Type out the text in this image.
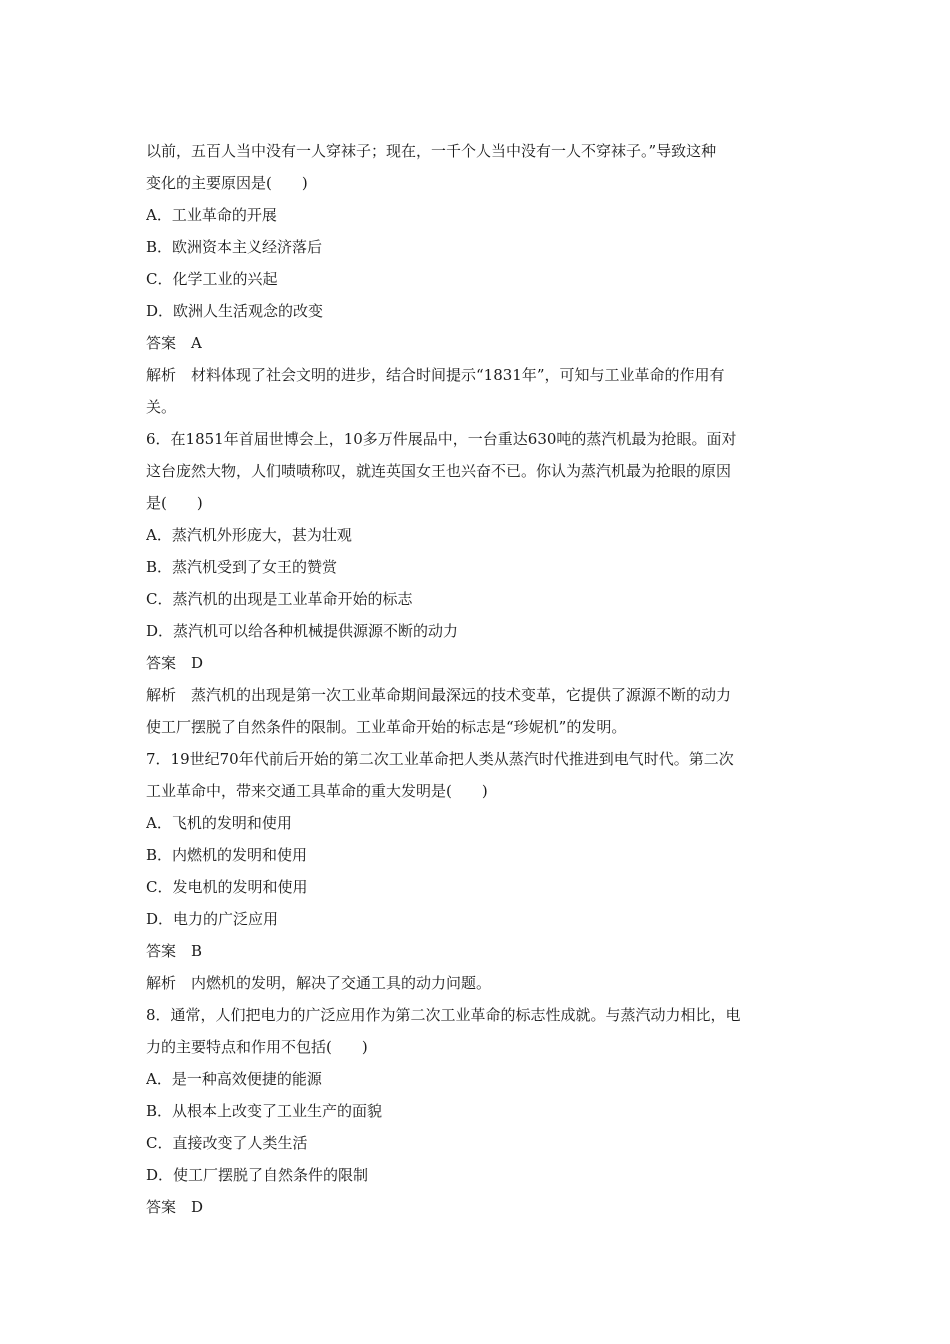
以前，五百人当中没有一人穿袜子；现在，一千个人当中没有一人不穿袜子。”导致这种
变化的主要原因是(　　)
A．工业革命的开展
B．欧洲资本主义经济落后
C．化学工业的兴起
D．欧洲人生活观念的改变
答案　A
解析　材料体现了社会文明的进步，结合时间提示“1831年”，可知与工业革命的作用有
关。
6．在1851年首届世博会上，10多万件展品中，一台重达630吨的蒸汽机最为抢眼。面对
这台庞然大物，人们啧啧称叹，就连英国女王也兴奋不已。你认为蒸汽机最为抢眼的原因
是(　　)
A．蒸汽机外形庞大，甚为壮观
B．蒸汽机受到了女王的赞赏
C．蒸汽机的出现是工业革命开始的标志
D．蒸汽机可以给各种机械提供源源不断的动力
答案　D
解析　蒸汽机的出现是第一次工业革命期间最深远的技术变革，它提供了源源不断的动力
使工厂摆脱了自然条件的限制。工业革命开始的标志是“珍妮机”的发明。
7．19世纪70年代前后开始的第二次工业革命把人类从蒸汽时代推进到电气时代。第二次
工业革命中，带来交通工具革命的重大发明是(　　)
A．飞机的发明和使用
B．内燃机的发明和使用
C．发电机的发明和使用
D．电力的广泛应用
答案　B
解析　内燃机的发明，解决了交通工具的动力问题。
8．通常，人们把电力的广泛应用作为第二次工业革命的标志性成就。与蒸汽动力相比，电
力的主要特点和作用不包括(　　)
A．是一种高效便捷的能源
B．从根本上改变了工业生产的面貌
C．直接改变了人类生活
D．使工厂摆脱了自然条件的限制
答案　D
